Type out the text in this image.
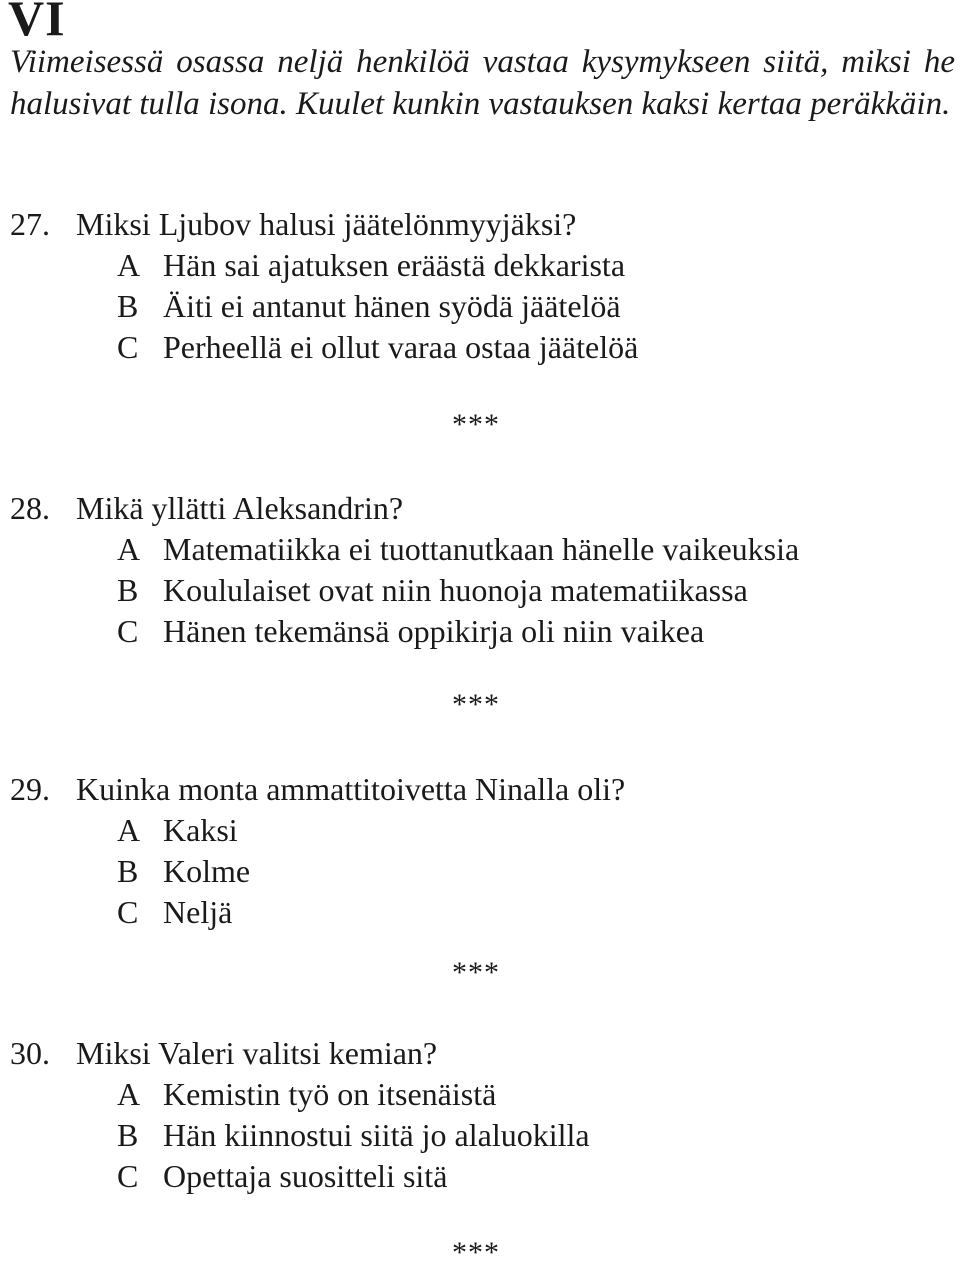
VI

Viimeisessä osassa neljä henkilöä vastaa kysymykseen siitä, miksi he halusivat tulla isona. Kuulet kunkin vastauksen kaksi kertaa peräkkäin.

27. Miksi Ljubov halusi jäätelönmyyjäksi?
A Hän sai ajatuksen eräästä dekkarista
B Äiti ei antanut hänen syödä jäätelöä
C Perheellä ei ollut varaa ostaa jäätelöä
***
28. Mikä yllätti Aleksandrin?
A Matematiikka ei tuottanutkaan hänelle vaikeuksia
B Koululaiset ovat niin huonoja matematiikassa
C Hänen tekemänsä oppikirja oli niin vaikea
***
29. Kuinka monta ammattitoivetta Ninalla oli?
A Kaksi
B Kolme
C Neljä
***
30. Miksi Valeri valitsi kemian?
A Kemistin työ on itsenäistä
B Hän kiinnostui siitä jo alaluokilla
C Opettaja suositteli sitä
***
